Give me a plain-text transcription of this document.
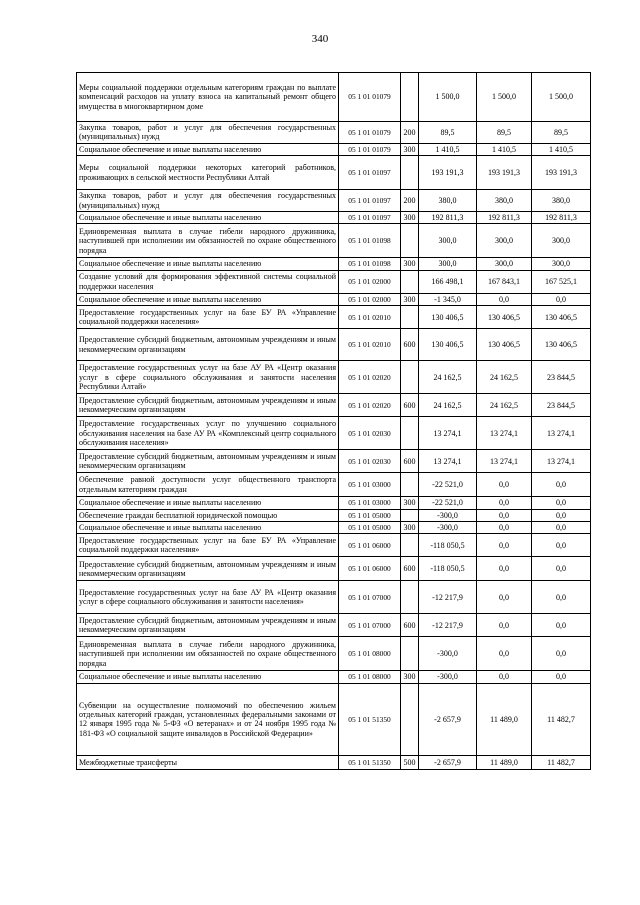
340
Меры социальной поддержки отдельным категориям граждан по выплате компенсаций расходов на уплату взноса на капитальный ремонт общего имущества в многоквартирном доме	05 1 01 01079		1 500,0	1 500,0	1 500,0
Закупка товаров, работ и услуг для обеспечения государственных (муниципальных) нужд	05 1 01 01079	200	89,5	89,5	89,5
Социальное обеспечение и иные выплаты населению	05 1 01 01079	300	1 410,5	1 410,5	1 410,5
Меры социальной поддержки некоторых категорий работников, проживающих в сельской местности Республики Алтай	05 1 01 01097		193 191,3	193 191,3	193 191,3
Закупка товаров, работ и услуг для обеспечения государственных (муниципальных) нужд	05 1 01 01097	200	380,0	380,0	380,0
Социальное обеспечение и иные выплаты населению	05 1 01 01097	300	192 811,3	192 811,3	192 811,3
Единовременная выплата в случае гибели народного дружинника, наступившей при исполнении им обязанностей по охране общественного порядка	05 1 01 01098		300,0	300,0	300,0
Социальное обеспечение и иные выплаты населению	05 1 01 01098	300	300,0	300,0	300,0
Создание условий для формирования эффективной системы социальной поддержки населения	05 1 01 02000		166 498,1	167 843,1	167 525,1
Социальное обеспечение и иные выплаты населению	05 1 01 02000	300	-1 345,0	0,0	0,0
Предоставление государственных услуг на базе БУ РА «Управление социальной поддержки населения»	05 1 01 02010		130 406,5	130 406,5	130 406,5
Предоставление субсидий бюджетным, автономным учреждениям и иным некоммерческим организациям	05 1 01 02010	600	130 406,5	130 406,5	130 406,5
Предоставление государственных услуг на базе АУ РА «Центр оказания услуг в сфере социального обслуживания и занятости населения Республики Алтай»	05 1 01 02020		24 162,5	24 162,5	23 844,5
Предоставление субсидий бюджетным, автономным учреждениям и иным некоммерческим организациям	05 1 01 02020	600	24 162,5	24 162,5	23 844,5
Предоставление государственных услуг по улучшению социального обслуживания населения на базе АУ РА «Комплексный центр социального обслуживания населения»	05 1 01 02030		13 274,1	13 274,1	13 274,1
Предоставление субсидий бюджетным, автономным учреждениям и иным некоммерческим организациям	05 1 01 02030	600	13 274,1	13 274,1	13 274,1
Обеспечение равной доступности услуг общественного транспорта отдельным категориям граждан	05 1 01 03000		-22 521,0	0,0	0,0
Социальное обеспечение и иные выплаты населению	05 1 01 03000	300	-22 521,0	0,0	0,0
Обеспечение граждан бесплатной юридической помощью	05 1 01 05000		-300,0	0,0	0,0
Социальное обеспечение и иные выплаты населению	05 1 01 05000	300	-300,0	0,0	0,0
Предоставление государственных услуг на базе БУ РА «Управление социальной поддержки населения»	05 1 01 06000		-118 050,5	0,0	0,0
Предоставление субсидий бюджетным, автономным учреждениям и иным некоммерческим организациям	05 1 01 06000	600	-118 050,5	0,0	0,0
Предоставление государственных услуг на базе АУ РА «Центр оказания услуг в сфере социального обслуживания и занятости населения»	05 1 01 07000		-12 217,9	0,0	0,0
Предоставление субсидий бюджетным, автономным учреждениям и иным некоммерческим организациям	05 1 01 07000	600	-12 217,9	0,0	0,0
Единовременная выплата в случае гибели народного дружинника, наступившей при исполнении им обязанностей по охране общественного порядка	05 1 01 08000		-300,0	0,0	0,0
Социальное обеспечение и иные выплаты населению	05 1 01 08000	300	-300,0	0,0	0,0
Субвенции на осуществление полномочий по обеспечению жильем отдельных категорий граждан, установленных федеральными законами от 12 января 1995 года № 5-ФЗ «О ветеранах» и от 24 ноября 1995 года № 181-ФЗ «О социальной защите инвалидов в Российской Федерации»	05 1 01 51350		-2 657,9	11 489,0	11 482,7
Межбюджетные трансферты	05 1 01 51350	500	-2 657,9	11 489,0	11 482,7
